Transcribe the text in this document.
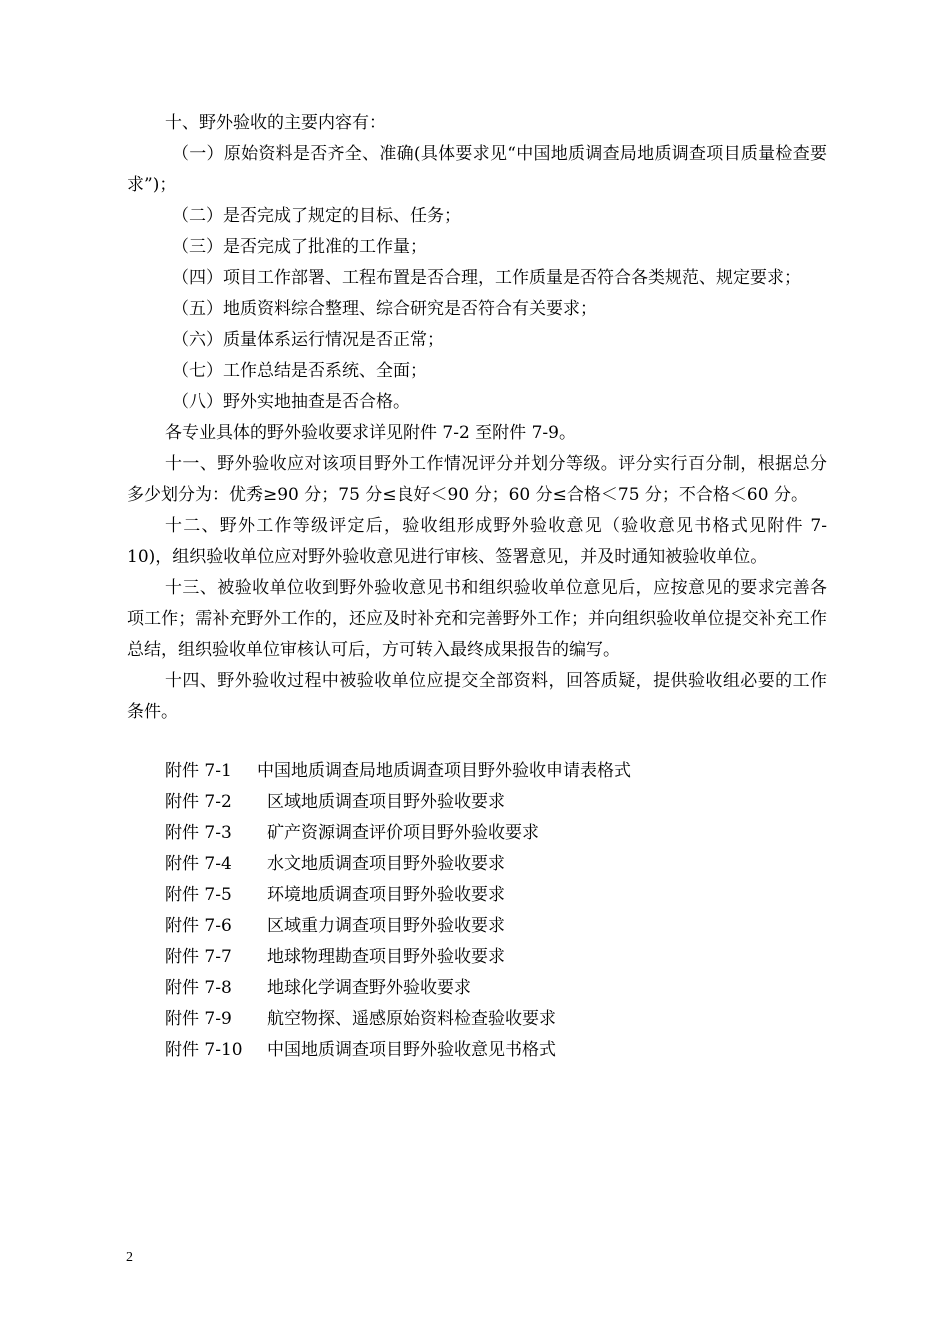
十、野外验收的主要内容有：

（一）原始资料是否齐全、准确(具体要求见“中国地质调查局地质调查项目质量检查要求”)；

（二）是否完成了规定的目标、任务；

（三）是否完成了批准的工作量；

（四）项目工作部署、工程布置是否合理，工作质量是否符合各类规范、规定要求；

（五）地质资料综合整理、综合研究是否符合有关要求；

（六）质量体系运行情况是否正常；

（七）工作总结是否系统、全面；

（八）野外实地抽查是否合格。

各专业具体的野外验收要求详见附件 7-2 至附件 7-9。

十一、野外验收应对该项目野外工作情况评分并划分等级。评分实行百分制，根据总分多少划分为：优秀≥90 分；75 分≤良好＜90 分；60 分≤合格＜75 分；不合格＜60 分。

十二、野外工作等级评定后，验收组形成野外验收意见（验收意见书格式见附件 7-10)，组织验收单位应对野外验收意见进行审核、签署意见，并及时通知被验收单位。

十三、被验收单位收到野外验收意见书和组织验收单位意见后，应按意见的要求完善各项工作；需补充野外工作的，还应及时补充和完善野外工作；并向组织验收单位提交补充工作总结，组织验收单位审核认可后，方可转入最终成果报告的编写。

十四、野外验收过程中被验收单位应提交全部资料，回答质疑，提供验收组必要的工作条件。

附件 7-1	中国地质调查局地质调查项目野外验收申请表格式
附件 7-2	区域地质调查项目野外验收要求
附件 7-3	矿产资源调查评价项目野外验收要求
附件 7-4	水文地质调查项目野外验收要求
附件 7-5	环境地质调查项目野外验收要求
附件 7-6	区域重力调查项目野外验收要求
附件 7-7	地球物理勘查项目野外验收要求
附件 7-8	地球化学调查野外验收要求
附件 7-9	航空物探、遥感原始资料检查验收要求
附件 7-10	中国地质调查项目野外验收意见书格式
2
